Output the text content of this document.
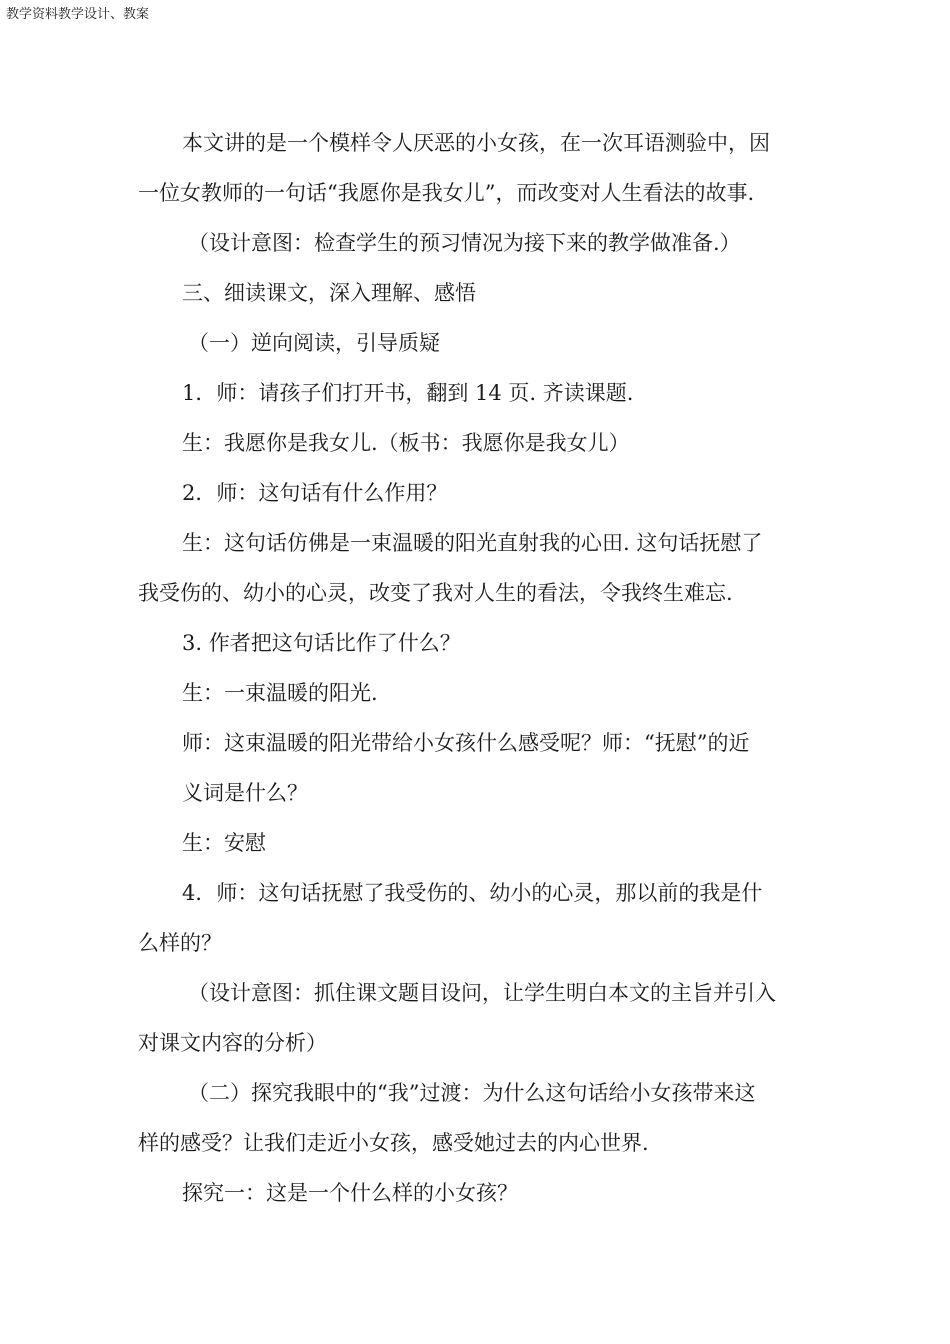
教学资料教学设计、教案
本文讲的是一个模样令人厌恶的小女孩，在一次耳语测验中，因
一位女教师的一句话“我愿你是我女儿”，而改变对人生看法的故事.
（设计意图：检查学生的预习情况为接下来的教学做准备.）
三、细读课文，深入理解、感悟
（一）逆向阅读，引导质疑
1．师：请孩子们打开书，翻到 14 页. 齐读课题.
生：我愿你是我女儿.（板书：我愿你是我女儿）
2．师：这句话有什么作用？
生：这句话仿佛是一束温暖的阳光直射我的心田. 这句话抚慰了
我受伤的、幼小的心灵，改变了我对人生的看法，令我终生难忘.
3. 作者把这句话比作了什么？
生：一束温暖的阳光.
师：这束温暖的阳光带给小女孩什么感受呢？师：“抚慰”的近
义词是什么？
生：安慰
4．师：这句话抚慰了我受伤的、幼小的心灵，那以前的我是什
么样的？
（设计意图：抓住课文题目设问，让学生明白本文的主旨并引入
对课文内容的分析）
（二）探究我眼中的“我”过渡：为什么这句话给小女孩带来这
样的感受？让我们走近小女孩，感受她过去的内心世界.
探究一：这是一个什么样的小女孩？
